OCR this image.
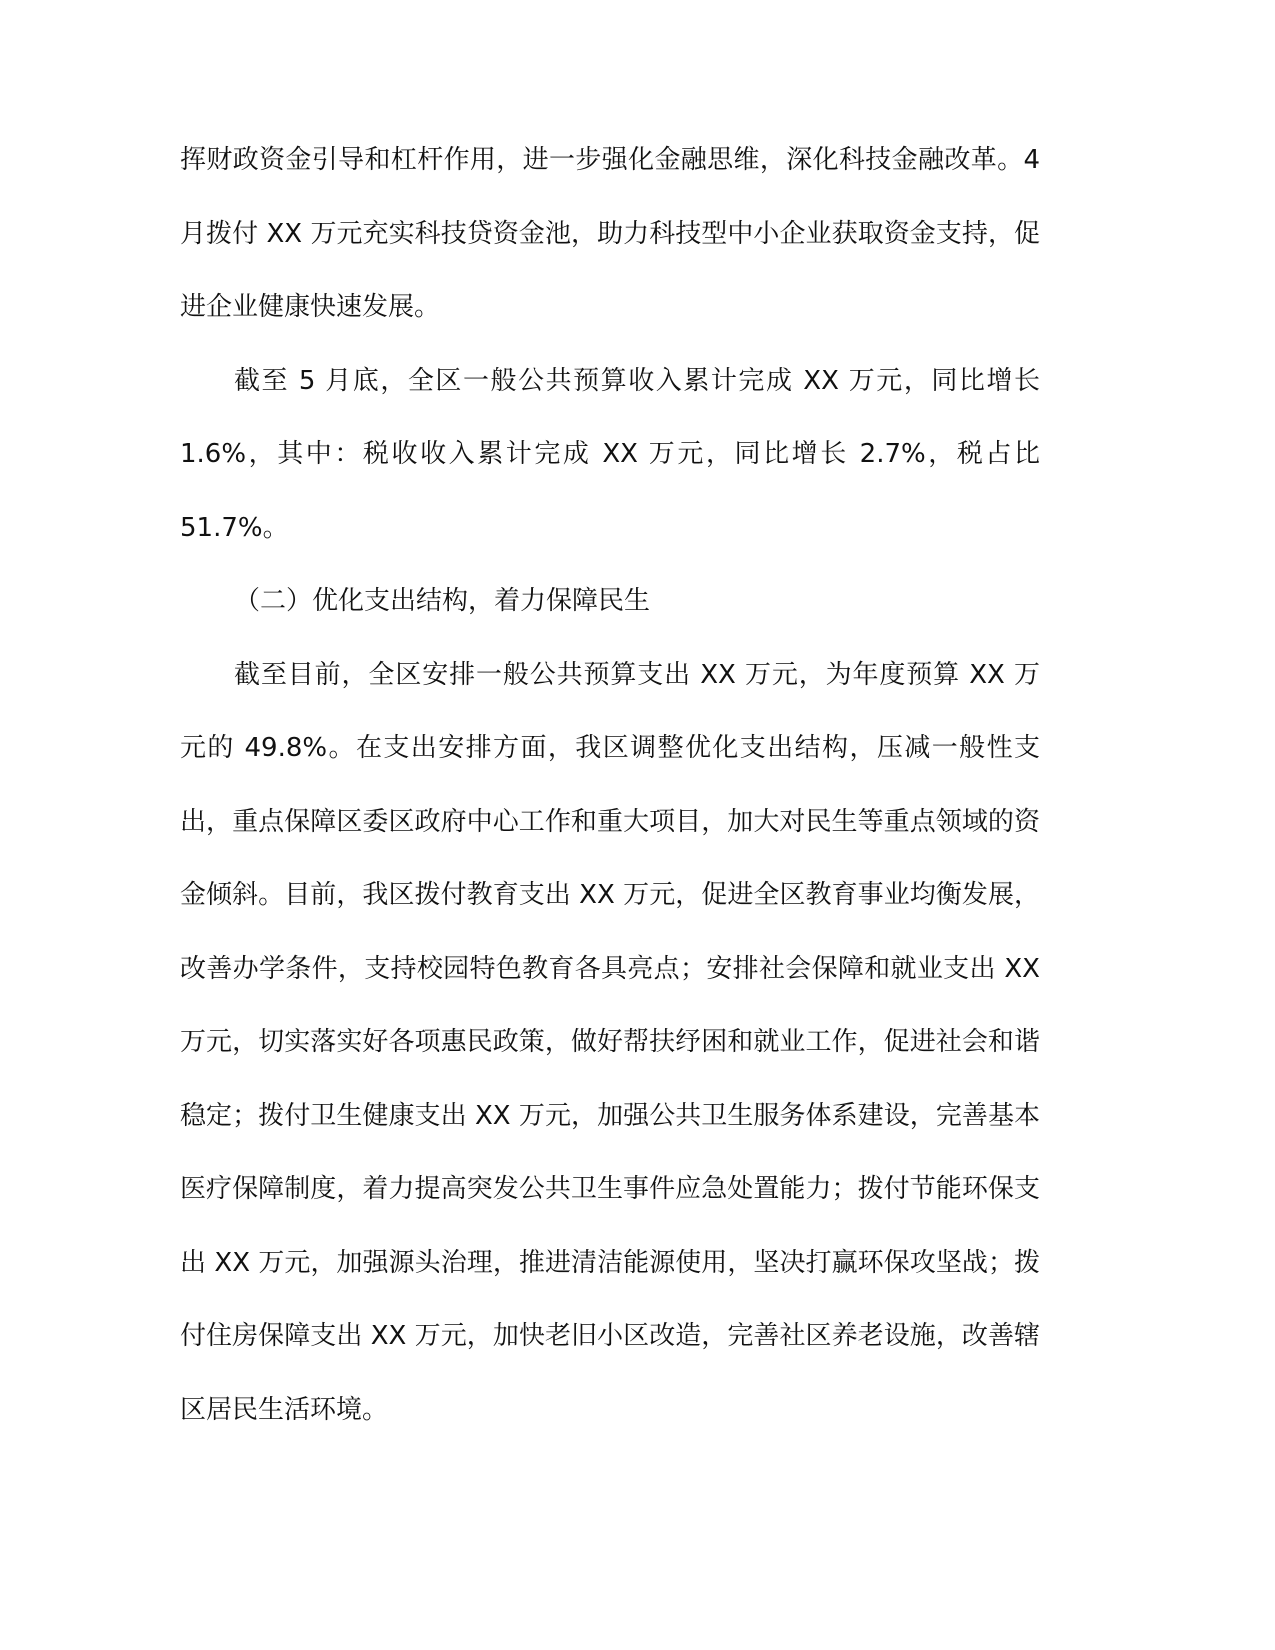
挥财政资金引导和杠杆作用，进一步强化金融思维，深化科技金融改革。4 月拨付 XX 万元充实科技贷资金池，助力科技型中小企业获取资金支持，促进企业健康快速发展。

截至 5 月底，全区一般公共预算收入累计完成 XX 万元，同比增长 1.6%，其中：税收收入累计完成 XX 万元，同比增长 2.7%，税占比 51.7%。

（二）优化支出结构，着力保障民生

截至目前，全区安排一般公共预算支出 XX 万元，为年度预算 XX 万元的 49.8%。在支出安排方面，我区调整优化支出结构，压减一般性支出，重点保障区委区政府中心工作和重大项目，加大对民生等重点领域的资金倾斜。目前，我区拨付教育支出 XX 万元，促进全区教育事业均衡发展，改善办学条件，支持校园特色教育各具亮点；安排社会保障和就业支出 XX 万元，切实落实好各项惠民政策，做好帮扶纾困和就业工作，促进社会和谐稳定；拨付卫生健康支出 XX 万元，加强公共卫生服务体系建设，完善基本医疗保障制度，着力提高突发公共卫生事件应急处置能力；拨付节能环保支出 XX 万元，加强源头治理，推进清洁能源使用，坚决打赢环保攻坚战；拨付住房保障支出 XX 万元，加快老旧小区改造，完善社区养老设施，改善辖区居民生活环境。
